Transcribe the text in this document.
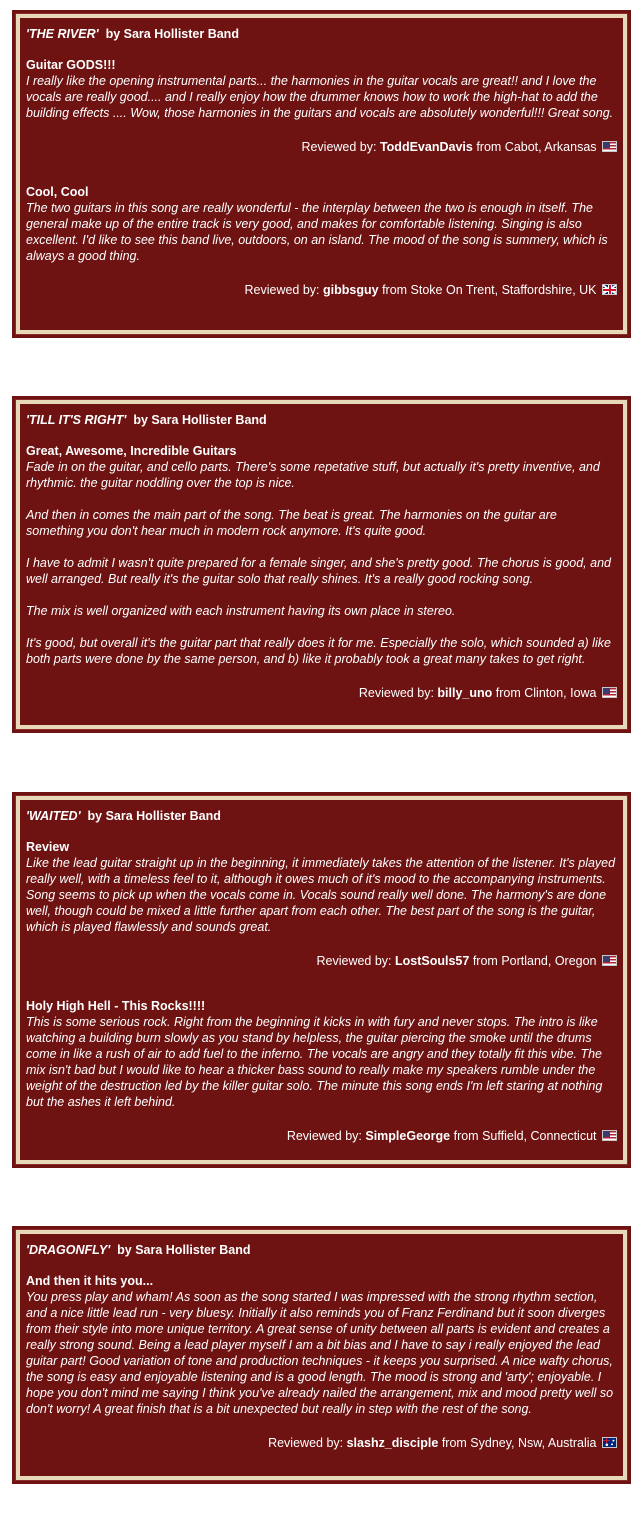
'THE RIVER' by Sara Hollister Band
Guitar GODS!!!

I really like the opening instrumental parts... the harmonies in the guitar vocals are great!! and I love the vocals are really good.... and I really enjoy how the drummer knows how to work the high-hat to add the building effects .... Wow, those harmonies in the guitars and vocals are absolutely wonderful!!! Great song.

Reviewed by: ToddEvanDavis from Cabot, Arkansas
Cool, Cool

The two guitars in this song are really wonderful - the interplay between the two is enough in itself. The general make up of the entire track is very good, and makes for comfortable listening. Singing is also excellent. I'd like to see this band live, outdoors, on an island. The mood of the song is summery, which is always a good thing.

Reviewed by: gibbsguy from Stoke On Trent, Staffordshire, UK
'TILL IT'S RIGHT' by Sara Hollister Band
Great, Awesome, Incredible Guitars

Fade in on the guitar, and cello parts. There's some repetative stuff, but actually it's pretty inventive, and rhythmic. the guitar noddling over the top is nice.

And then in comes the main part of the song. The beat is great. The harmonies on the guitar are something you don't hear much in modern rock anymore. It's quite good.

I have to admit I wasn't quite prepared for a female singer, and she's pretty good. The chorus is good, and well arranged. But really it's the guitar solo that really shines. It's a really good rocking song.

The mix is well organized with each instrument having its own place in stereo.

It's good, but overall it's the guitar part that really does it for me. Especially the solo, which sounded a) like both parts were done by the same person, and b) like it probably took a great many takes to get right.

Reviewed by: billy_uno from Clinton, Iowa
'WAITED' by Sara Hollister Band
Review

Like the lead guitar straight up in the beginning, it immediately takes the attention of the listener. It's played really well, with a timeless feel to it, although it owes much of it's mood to the accompanying instruments. Song seems to pick up when the vocals come in. Vocals sound really well done. The harmony's are done well, though could be mixed a little further apart from each other. The best part of the song is the guitar, which is played flawlessly and sounds great.

Reviewed by: LostSouls57 from Portland, Oregon
Holy High Hell - This Rocks!!!!

This is some serious rock. Right from the beginning it kicks in with fury and never stops. The intro is like watching a building burn slowly as you stand by helpless, the guitar piercing the smoke until the drums come in like a rush of air to add fuel to the inferno. The vocals are angry and they totally fit this vibe. The mix isn't bad but I would like to hear a thicker bass sound to really make my speakers rumble under the weight of the destruction led by the killer guitar solo. The minute this song ends I'm left staring at nothing but the ashes it left behind.

Reviewed by: SimpleGeorge from Suffield, Connecticut
'DRAGONFLY' by Sara Hollister Band
And then it hits you...

You press play and wham! As soon as the song started I was impressed with the strong rhythm section, and a nice little lead run - very bluesy. Initially it also reminds you of Franz Ferdinand but it soon diverges from their style into more unique territory. A great sense of unity between all parts is evident and creates a really strong sound. Being a lead player myself I am a bit bias and I have to say i really enjoyed the lead guitar part! Good variation of tone and production techniques - it keeps you surprised. A nice wafty chorus, the song is easy and enjoyable listening and is a good length. The mood is strong and 'arty'; enjoyable. I hope you don't mind me saying I think you've already nailed the arrangement, mix and mood pretty well so don't worry! A great finish that is a bit unexpected but really in step with the rest of the song.

Reviewed by: slashz_disciple from Sydney, Nsw, Australia
